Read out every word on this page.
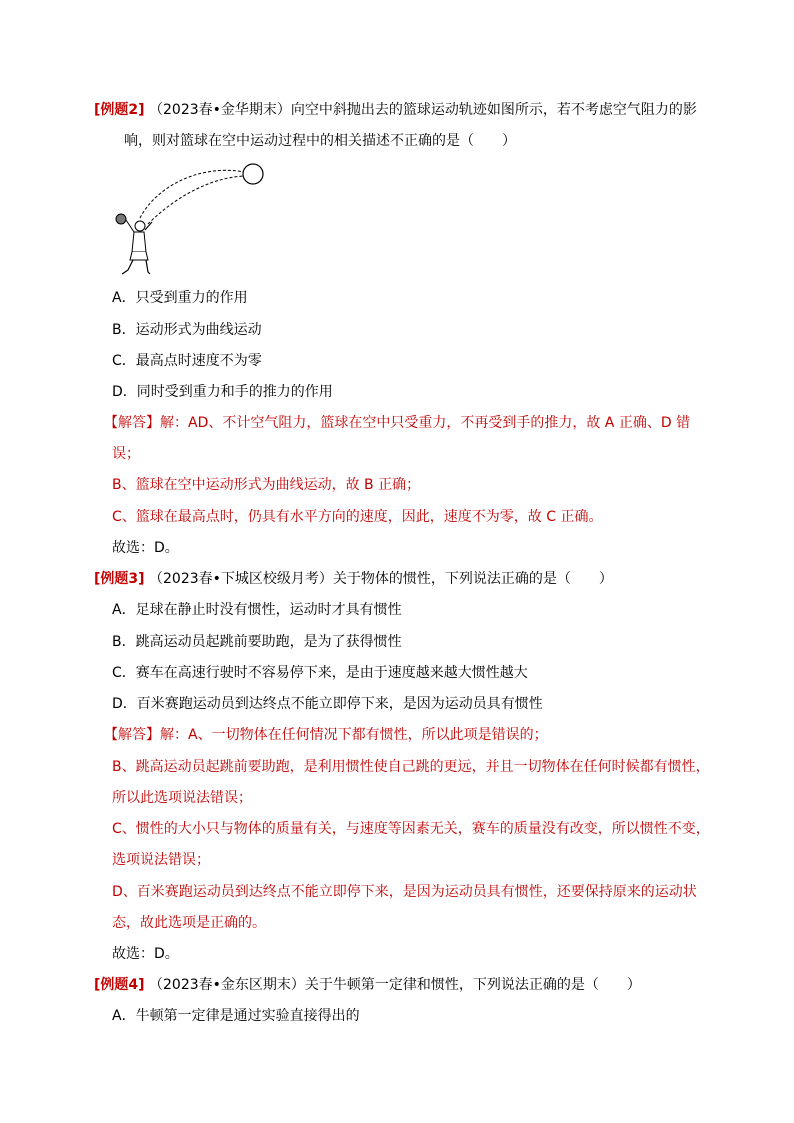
[例题2] （2023春•金华期末）向空中斜抛出去的篮球运动轨迹如图所示，若不考虑空气阻力的影
响，则对篮球在空中运动过程中的相关描述不正确的是（　　）
A．只受到重力的作用
B．运动形式为曲线运动
C．最高点时速度不为零
D．同时受到重力和手的推力的作用
【解答】解：AD、不计空气阻力，篮球在空中只受重力，不再受到手的推力，故 A 正确、D 错
误；
B、篮球在空中运动形式为曲线运动，故 B 正确；
C、篮球在最高点时，仍具有水平方向的速度，因此，速度不为零，故 C 正确。
故选：D。
[例题3] （2023春•下城区校级月考）关于物体的惯性，下列说法正确的是（　　）
A．足球在静止时没有惯性，运动时才具有惯性
B．跳高运动员起跳前要助跑，是为了获得惯性
C．赛车在高速行驶时不容易停下来，是由于速度越来越大惯性越大
D．百米赛跑运动员到达终点不能立即停下来，是因为运动员具有惯性
【解答】解：A、一切物体在任何情况下都有惯性，所以此项是错误的；
B、跳高运动员起跳前要助跑，是利用惯性使自己跳的更远，并且一切物体在任何时候都有惯性，
所以此选项说法错误；
C、惯性的大小只与物体的质量有关，与速度等因素无关，赛车的质量没有改变，所以惯性不变，
选项说法错误；
D、百米赛跑运动员到达终点不能立即停下来，是因为运动员具有惯性，还要保持原来的运动状
态，故此选项是正确的。
故选：D。
[例题4] （2023春•金东区期末）关于牛顿第一定律和惯性，下列说法正确的是（　　）
A．牛顿第一定律是通过实验直接得出的
